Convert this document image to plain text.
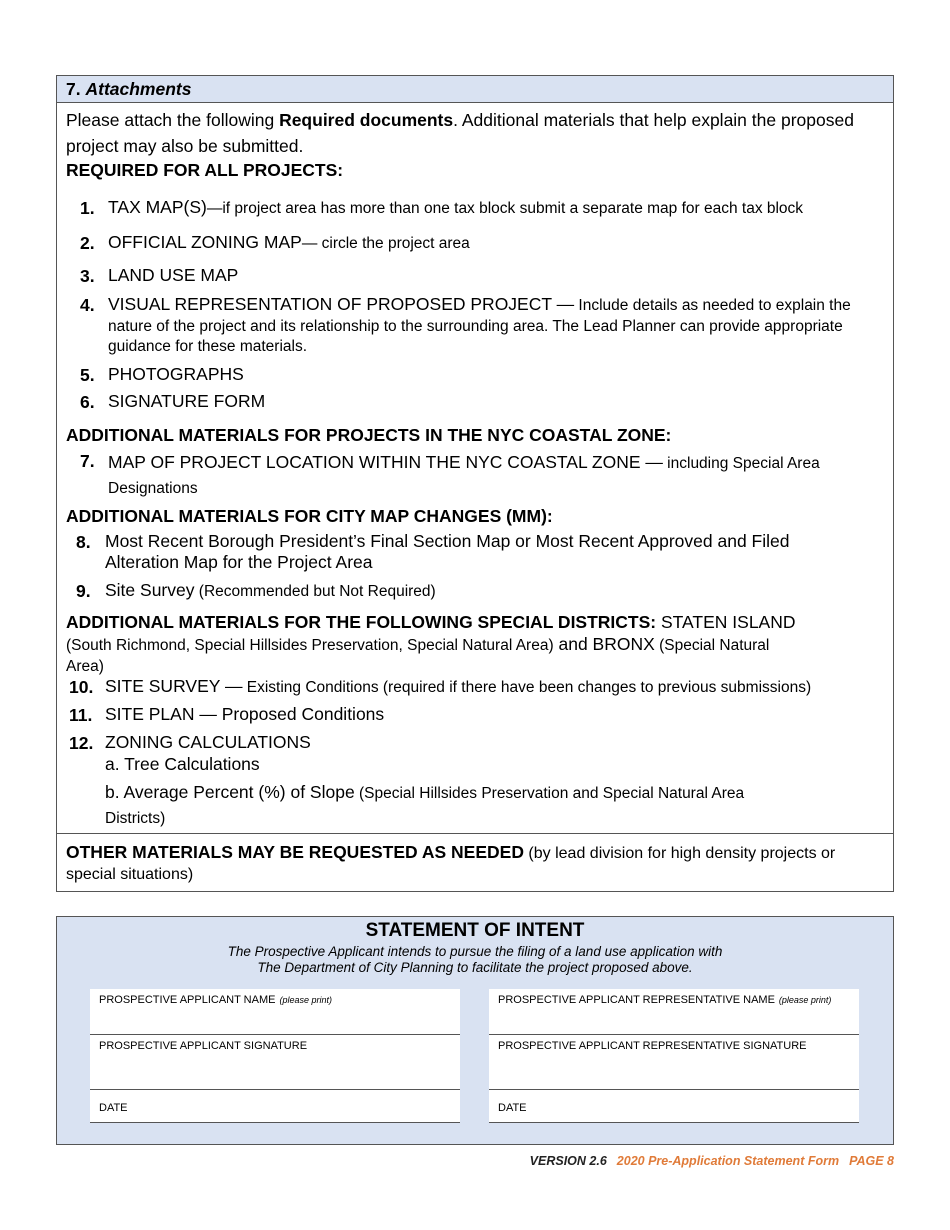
7. Attachments
Please attach the following Required documents. Additional materials that help explain the proposed project may also be submitted.
REQUIRED FOR ALL PROJECTS:
1. TAX MAP(S)—if project area has more than one tax block submit a separate map for each tax block
2. OFFICIAL ZONING MAP— circle the project area
3. LAND USE MAP
4. VISUAL REPRESENTATION OF PROPOSED PROJECT — Include details as needed to explain the nature of the project and its relationship to the surrounding area. The Lead Planner can provide appropriate guidance for these materials.
5. PHOTOGRAPHS
6. SIGNATURE FORM
ADDITIONAL MATERIALS FOR PROJECTS IN THE NYC COASTAL ZONE:
7. MAP OF PROJECT LOCATION WITHIN THE NYC COASTAL ZONE — including Special Area Designations
ADDITIONAL MATERIALS FOR CITY MAP CHANGES (MM):
8. Most Recent Borough President’s Final Section Map or Most Recent Approved and Filed Alteration Map for the Project Area
9. Site Survey (Recommended but Not Required)
ADDITIONAL MATERIALS FOR THE FOLLOWING SPECIAL DISTRICTS: STATEN ISLAND (South Richmond, Special Hillsides Preservation, Special Natural Area) and BRONX (Special Natural Area)
10. SITE SURVEY — Existing Conditions (required if there have been changes to previous submissions)
11. SITE PLAN — Proposed Conditions
12. ZONING CALCULATIONS
a. Tree Calculations
b. Average Percent (%) of Slope (Special Hillsides Preservation and Special Natural Area Districts)
OTHER MATERIALS MAY BE REQUESTED AS NEEDED (by lead division for high density projects or special situations)
STATEMENT OF INTENT
The Prospective Applicant intends to pursue the filing of a land use application with
The Department of City Planning to facilitate the project proposed above.
PROSPECTIVE APPLICANT NAME (please print)
PROSPECTIVE APPLICANT SIGNATURE
DATE
PROSPECTIVE APPLICANT REPRESENTATIVE NAME (please print)
PROSPECTIVE APPLICANT REPRESENTATIVE SIGNATURE
DATE
VERSION 2.6 2020 Pre-Application Statement Form PAGE 8
